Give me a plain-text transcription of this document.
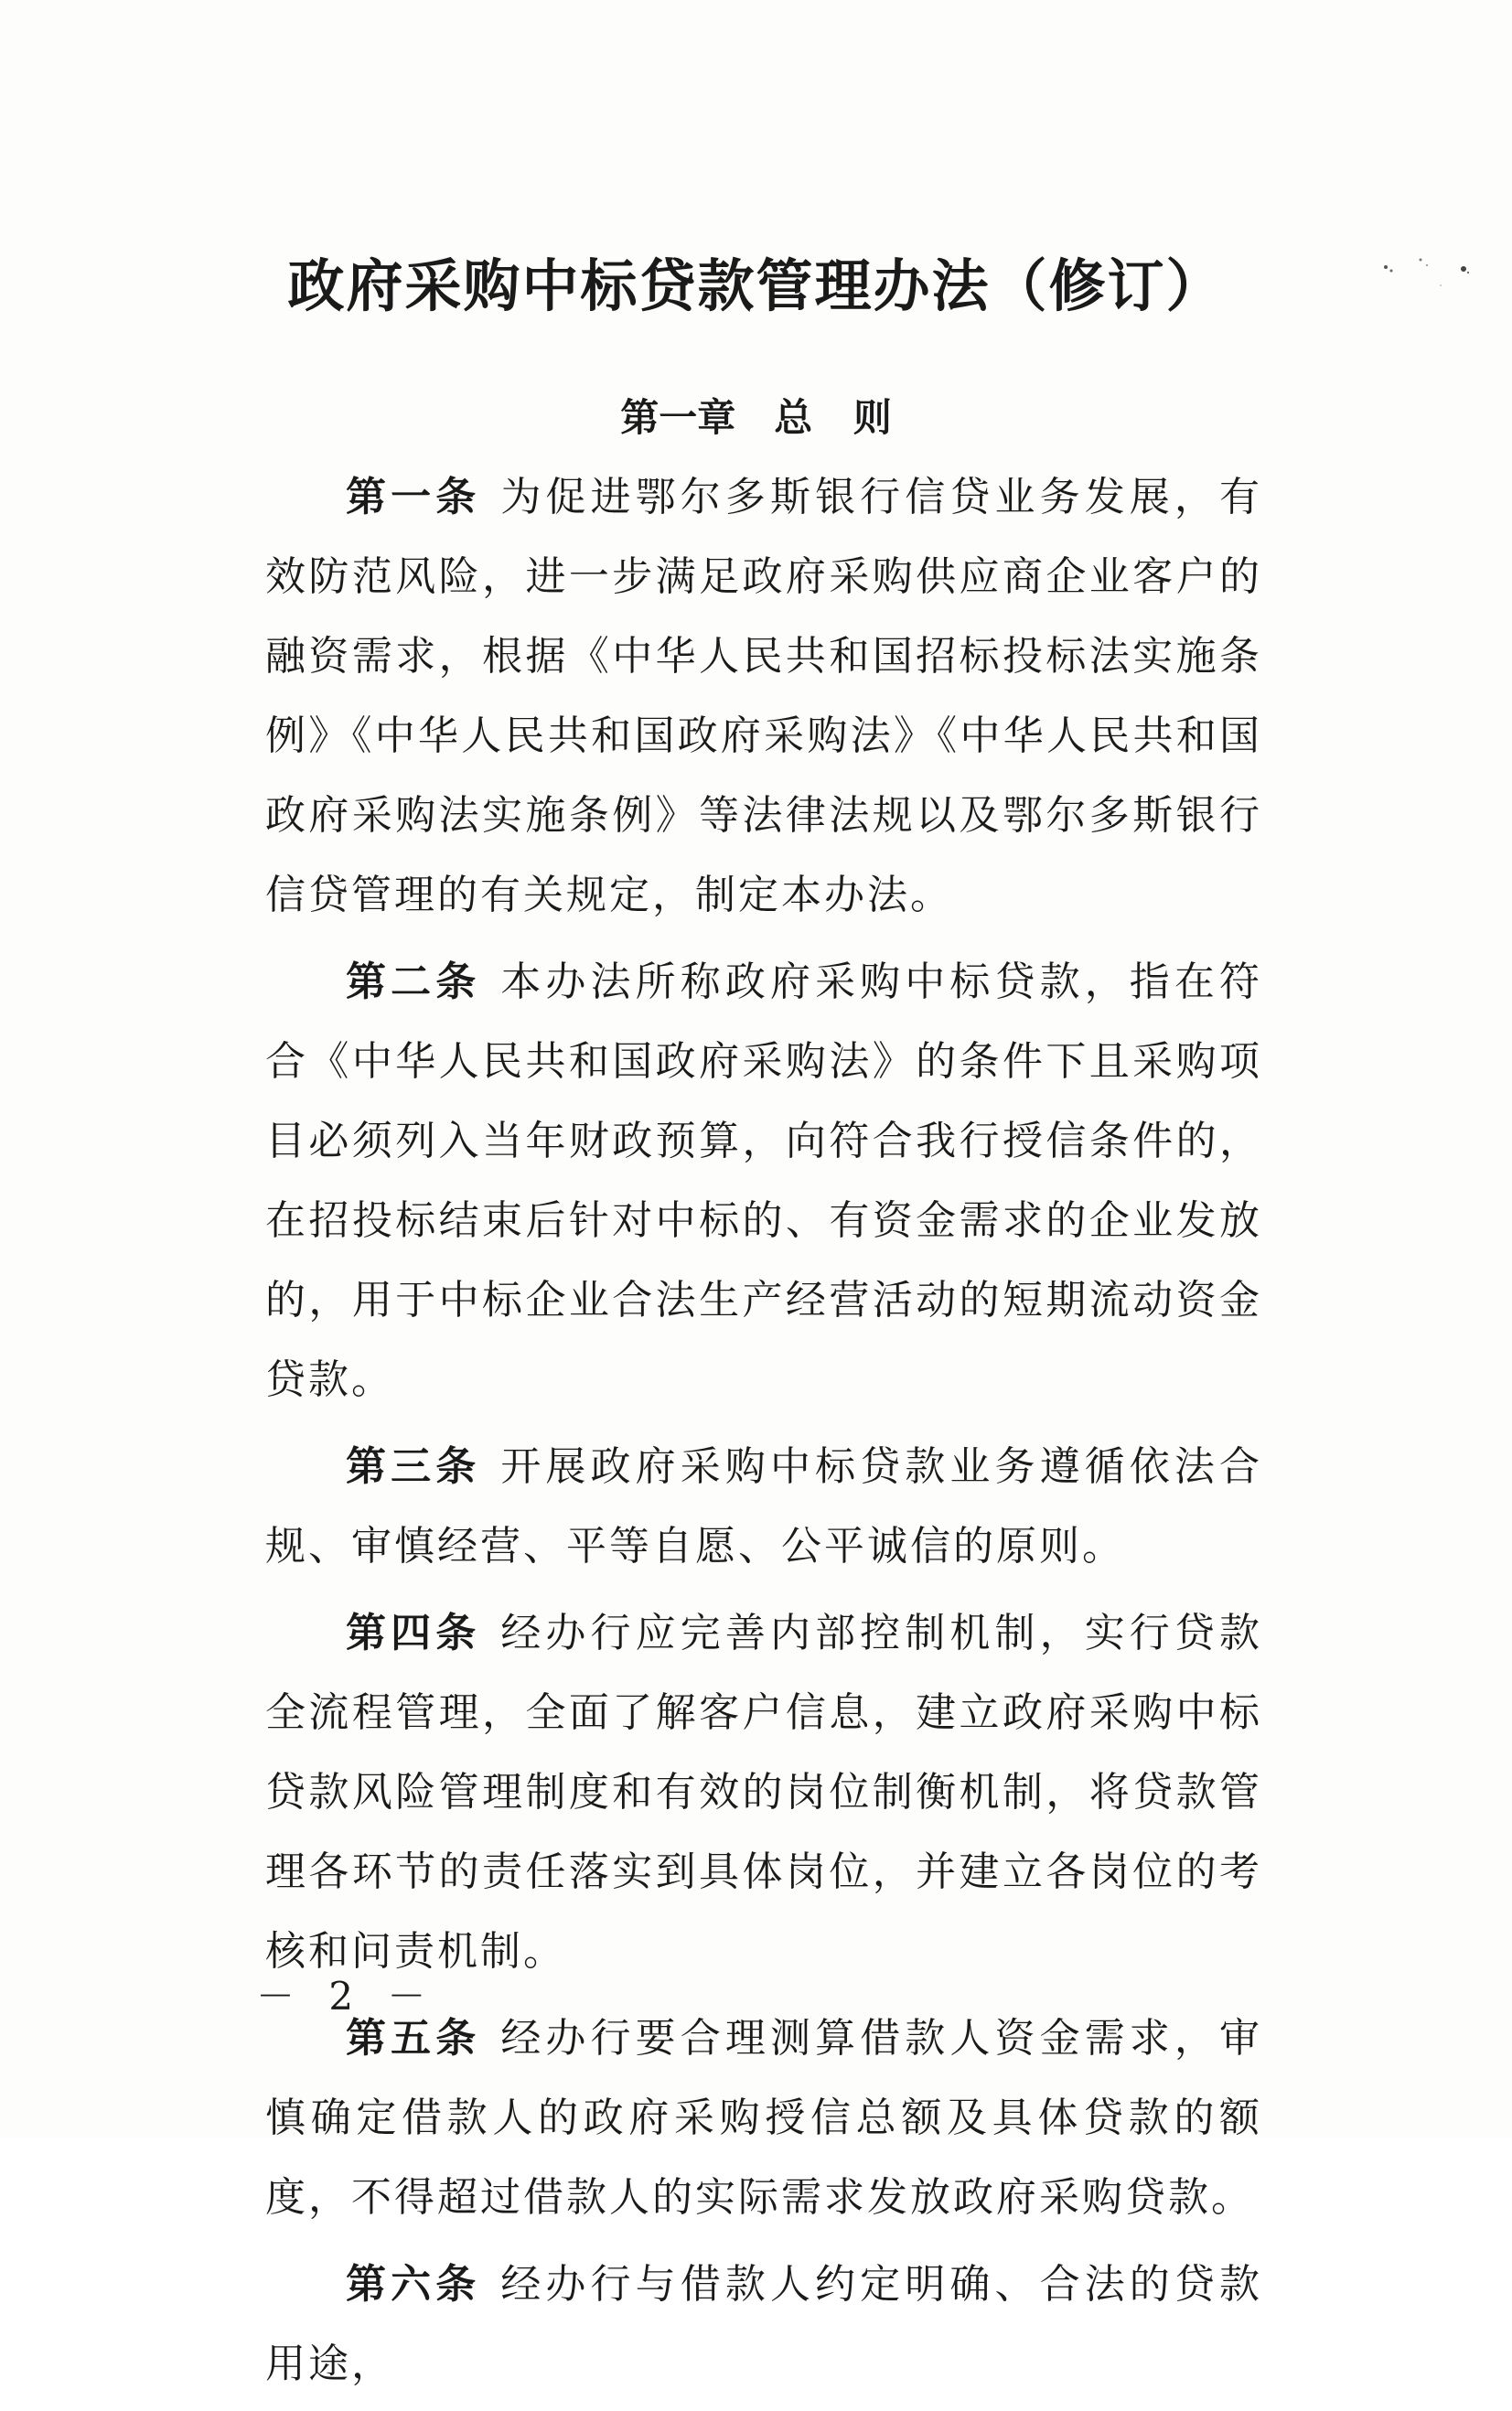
政府采购中标贷款管理办法（修订）
第一章　总 则

第一条 为促进鄂尔多斯银行信贷业务发展，有效防范风险，进一步满足政府采购供应商企业客户的融资需求，根据《中华人民共和国招标投标法实施条例》《中华人民共和国政府采购法》《中华人民共和国政府采购法实施条例》等法律法规以及鄂尔多斯银行信贷管理的有关规定，制定本办法。

第二条 本办法所称政府采购中标贷款，指在符合《中华人民共和国政府采购法》的条件下且采购项目必须列入当年财政预算，向符合我行授信条件的，在招投标结束后针对中标的、有资金需求的企业发放的，用于中标企业合法生产经营活动的短期流动资金贷款。

第三条 开展政府采购中标贷款业务遵循依法合规、审慎经营、平等自愿、公平诚信的原则。

第四条 经办行应完善内部控制机制，实行贷款全流程管理，全面了解客户信息，建立政府采购中标贷款风险管理制度和有效的岗位制衡机制，将贷款管理各环节的责任落实到具体岗位，并建立各岗位的考核和问责机制。

第五条 经办行要合理测算借款人资金需求，审慎确定借款人的政府采购授信总额及具体贷款的额度，不得超过借款人的实际需求发放政府采购贷款。

第六条 经办行与借款人约定明确、合法的贷款用途，

－ 2 －
